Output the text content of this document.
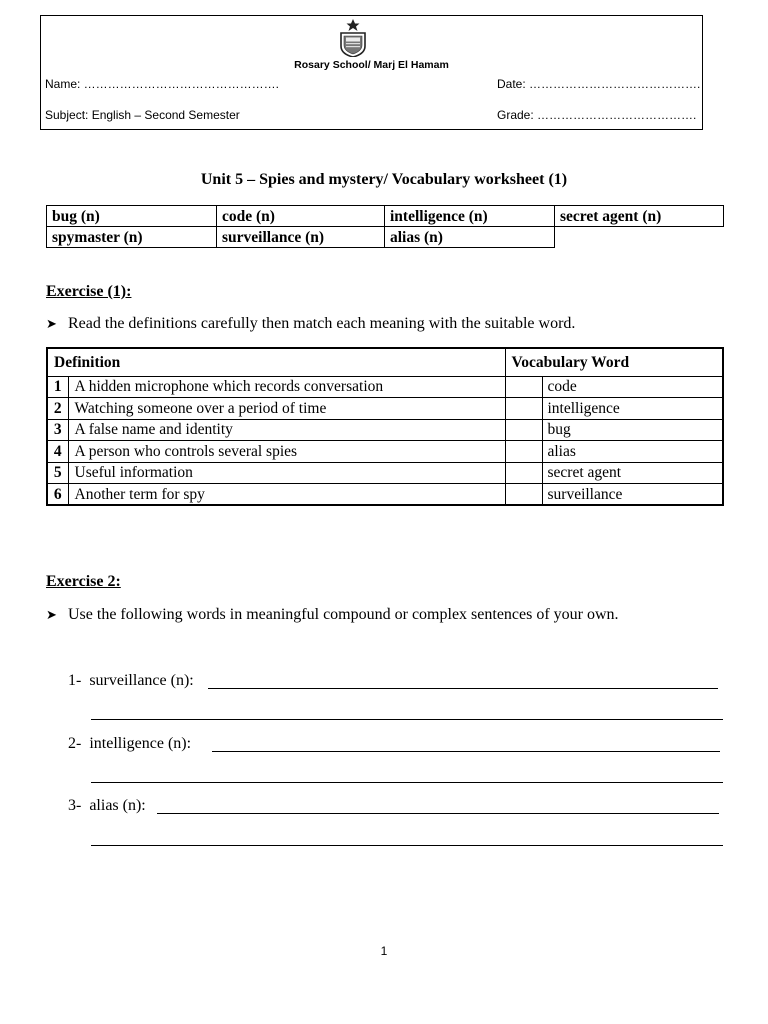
Rosary School/ Marj El Hamam
Name: ………………………………………….	Date: …………………………………….
Subject: English – Second Semester	Grade: ………………………………….
Unit 5 – Spies and mystery/ Vocabulary worksheet (1)
bug (n)	code (n)	intelligence (n)	secret agent (n)
spymaster (n)	surveillance (n)	alias (n)	
Exercise (1):
➤ Read the definitions carefully then match each meaning with the suitable word.
Definition		Vocabulary Word	
1	A hidden microphone which records conversation		code
2	Watching someone over a period of time		intelligence
3	A false name and identity		bug
4	A person who controls several spies		alias
5	Useful information		secret agent
6	Another term for spy		surveillance
Exercise 2:
➤ Use the following words in meaningful compound or complex sentences of your own.
1- surveillance (n):
2- intelligence (n):
3- alias (n):
1
